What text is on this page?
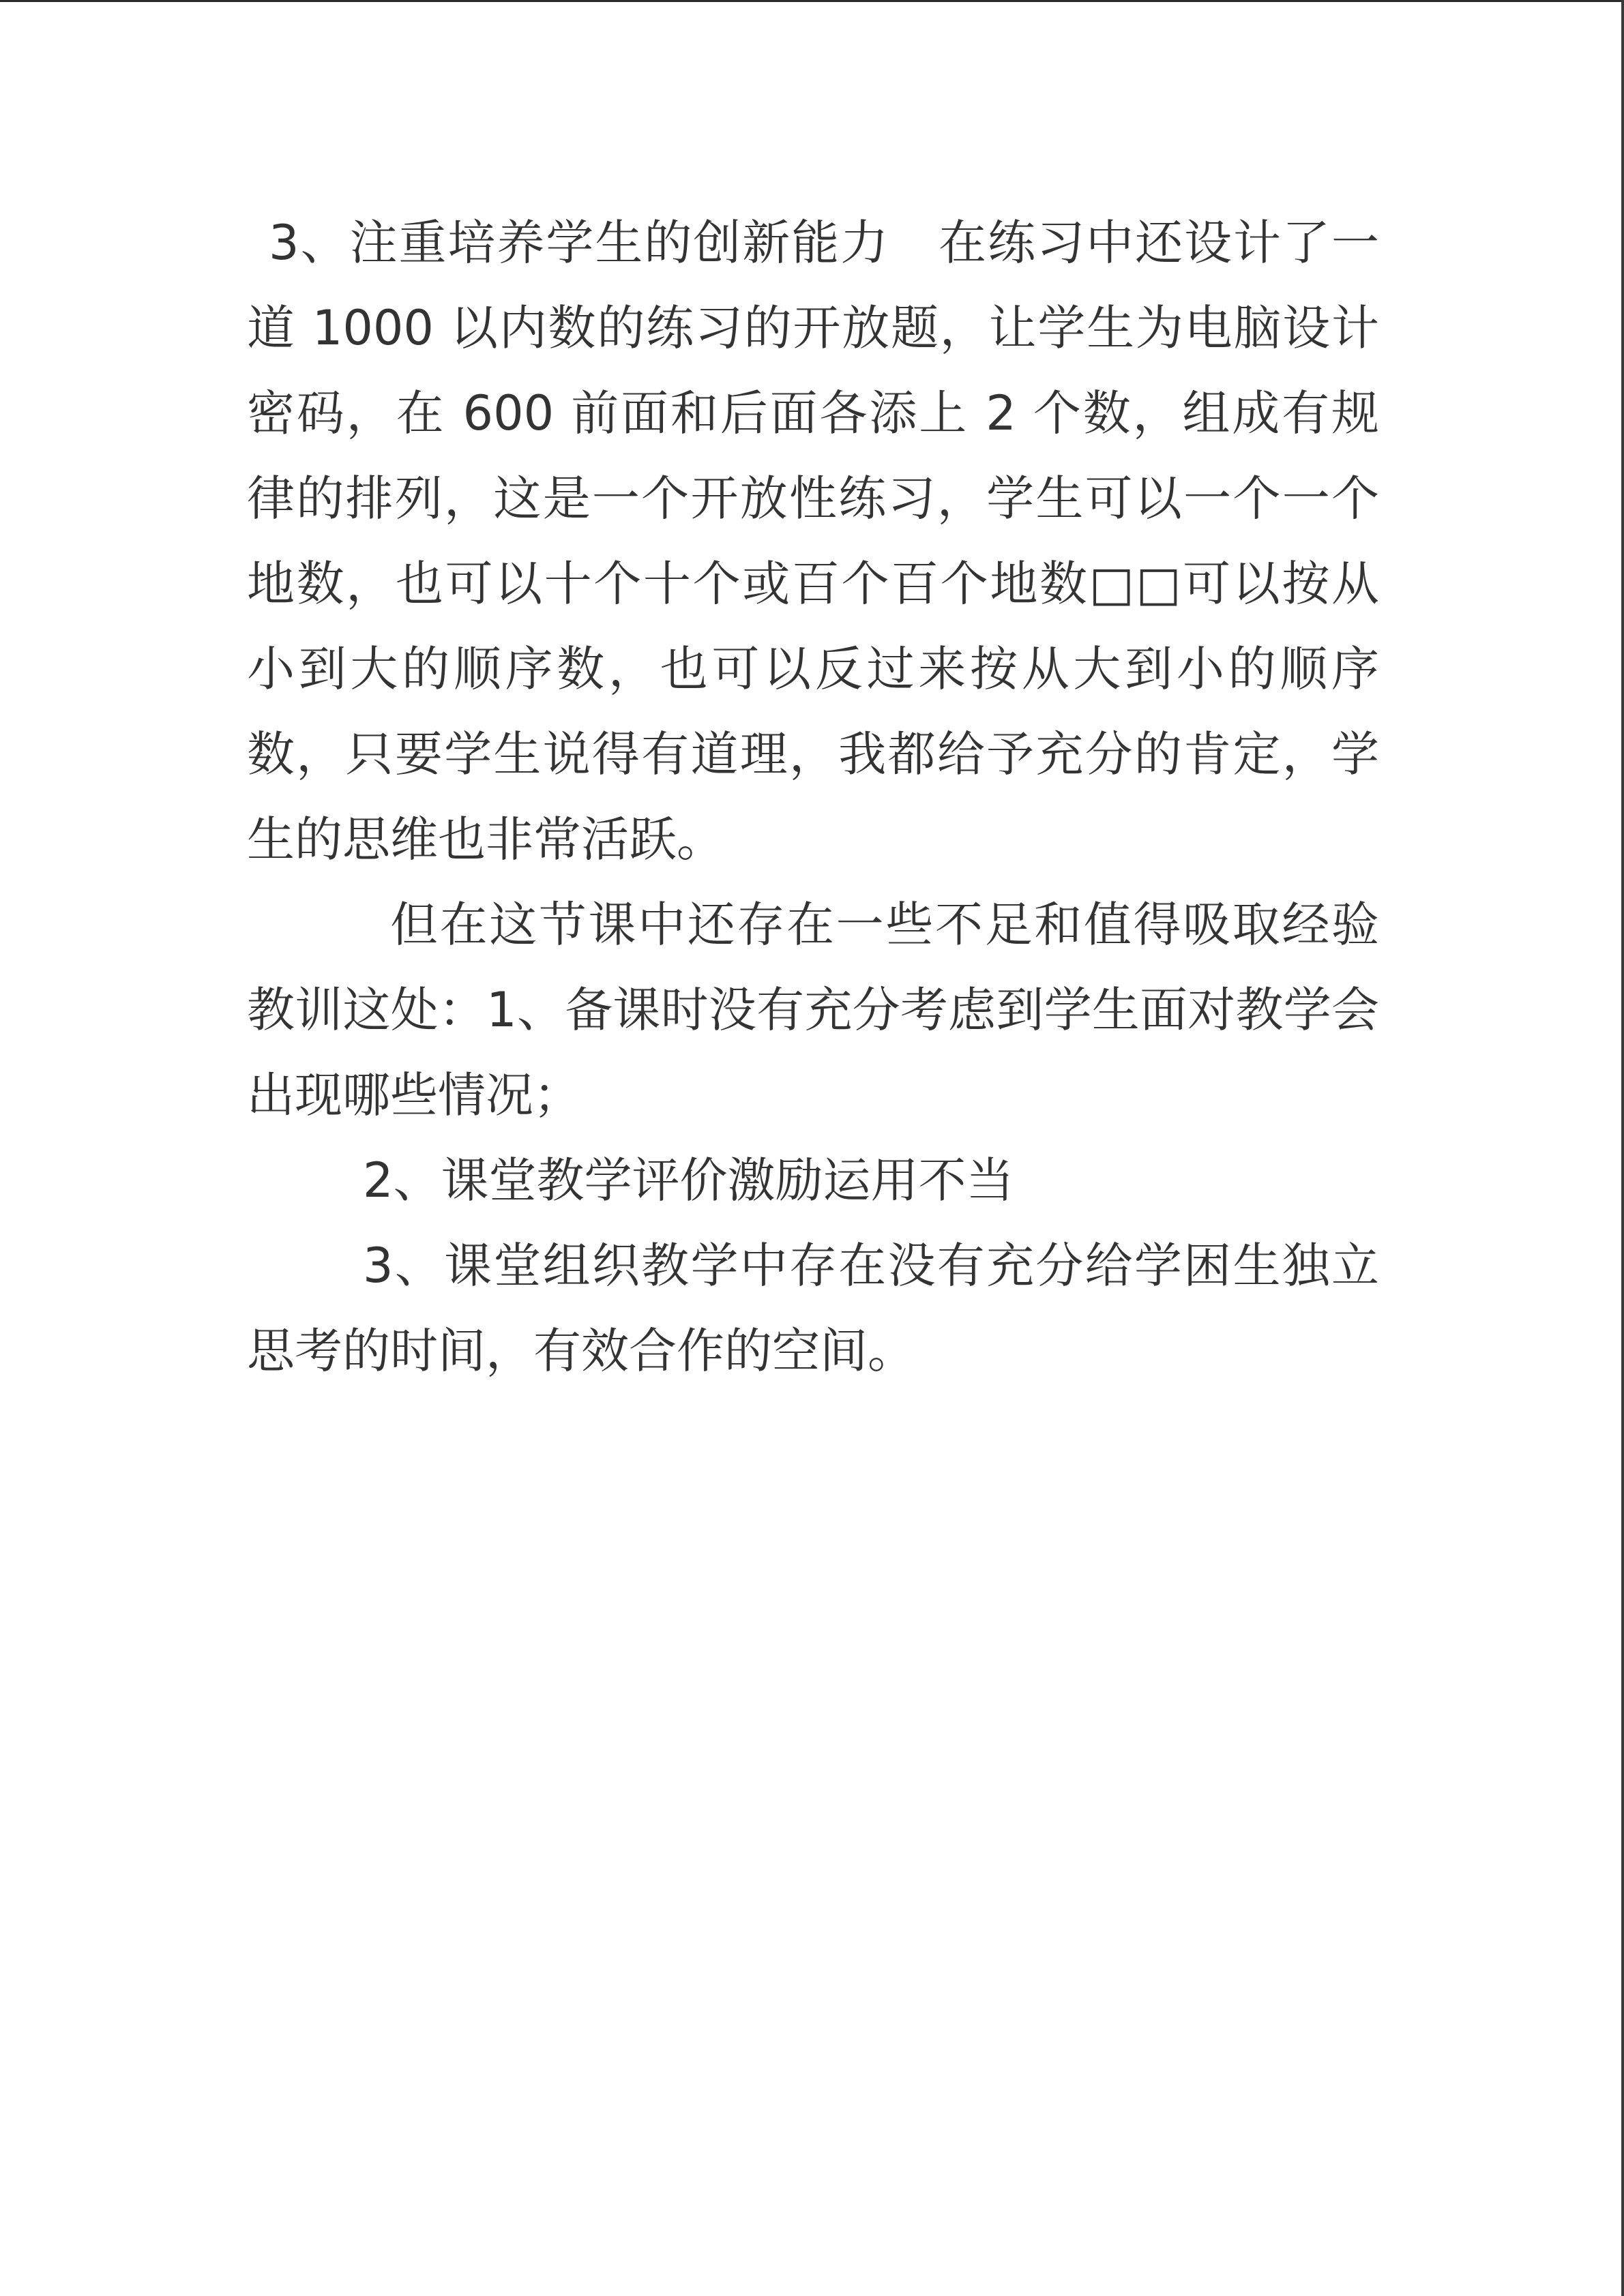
3、注重培养学生的创新能力　在练习中还设计了一道 1000 以内数的练习的开放题，让学生为电脑设计密码，在 600 前面和后面各添上 2 个数，组成有规律的排列，这是一个开放性练习，学生可以一个一个地数，也可以十个十个或百个百个地数□□可以按从小到大的顺序数，也可以反过来按从大到小的顺序数，只要学生说得有道理，我都给予充分的肯定，学生的思维也非常活跃。

但在这节课中还存在一些不足和值得吸取经验教训这处：1、备课时没有充分考虑到学生面对教学会出现哪些情况；

2、课堂教学评价激励运用不当

3、课堂组织教学中存在没有充分给学困生独立思考的时间，有效合作的空间。
